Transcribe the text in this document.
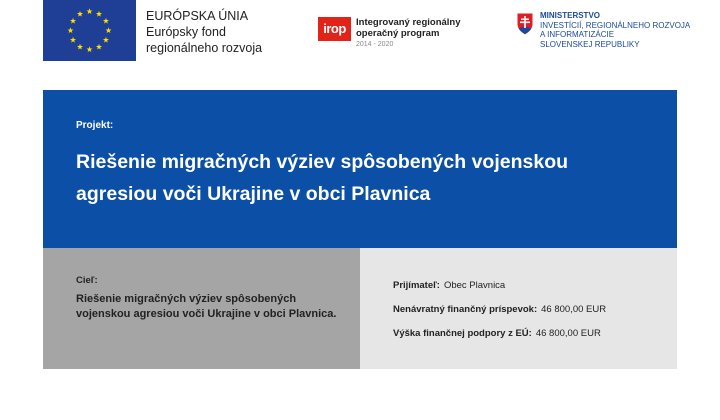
EURÓPSKA ÚNIA
Európsky fond
regionálneho rozvoja
irop	Integrovaný regionálny
operačný program
2014 - 2020
MINISTERSTVO
INVESTÍCIÍ, REGIONÁLNEHO ROZVOJA
A INFORMATIZÁCIE
SLOVENSKEJ REPUBLIKY
Projekt:
Riešenie migračných výziev spôsobených vojenskou agresiou voči Ukrajine v obci Plavnica
Cieľ:
Riešenie migračných výziev spôsobených vojenskou agresiou voči Ukrajine v obci Plavnica.
Prijímateľ: Obec Plavnica
Nenávratný finančný príspevok: 46 800,00 EUR
Výška finančnej podpory z EÚ: 46 800,00 EUR
